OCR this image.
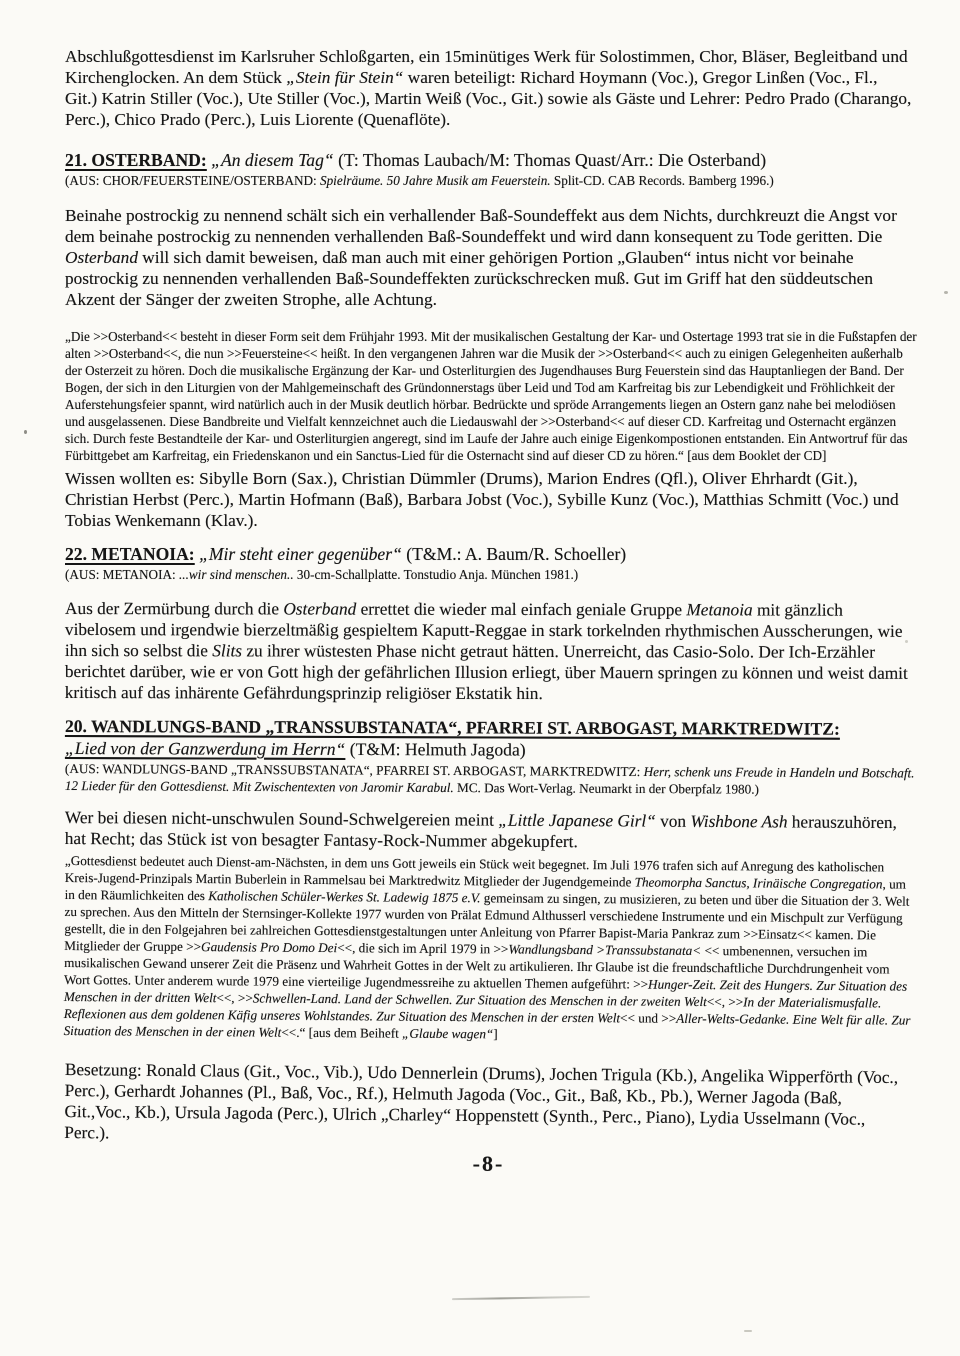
Abschlußgottesdienst im Karlsruher Schloßgarten, ein 15minütiges Werk für Solostimmen, Chor, Bläser, Begleitband und Kirchenglocken. An dem Stück „Stein für Stein“ waren beteiligt: Richard Hoymann (Voc.), Gregor Linßen (Voc., Fl., Git.) Katrin Stiller (Voc.), Ute Stiller (Voc.), Martin Weiß (Voc., Git.) sowie als Gäste und Lehrer: Pedro Prado (Charango, Perc.), Chico Prado (Perc.), Luis Liorente (Quenaflöte).
21. OSTERBAND: „An diesem Tag“ (T: Thomas Laubach/M: Thomas Quast/Arr.: Die Osterband)
(AUS: CHOR/FEUERSTEINE/OSTERBAND: Spielräume. 50 Jahre Musik am Feuerstein. Split-CD. CAB Records. Bamberg 1996.)
Beinahe postrockig zu nennend schält sich ein verhallender Baß-Soundeffekt aus dem Nichts, durchkreuzt die Angst vor dem beinahe postrockig zu nennenden verhallenden Baß-Soundeffekt und wird dann konsequent zu Tode geritten. Die Osterband will sich damit beweisen, daß man auch mit einer gehörigen Portion „Glauben“ intus nicht vor beinahe postrockig zu nennenden verhallenden Baß-Soundeffekten zurückschrecken muß. Gut im Griff hat den süddeutschen Akzent der Sänger der zweiten Strophe, alle Achtung.
„Die >>Osterband<< besteht in dieser Form seit dem Frühjahr 1993. Mit der musikalischen Gestaltung der Kar- und Ostertage 1993 trat sie in die Fußstapfen der alten >>Osterband<<, die nun >>Feuersteine<< heißt. In den vergangenen Jahren war die Musik der >>Osterband<< auch zu einigen Gelegenheiten außerhalb der Osterzeit zu hören. Doch die musikalische Ergänzung der Kar- und Osterliturgien des Jugendhauses Burg Feuerstein sind das Hauptanliegen der Band. Der Bogen, der sich in den Liturgien von der Mahlgemeinschaft des Gründonnerstags über Leid und Tod am Karfreitag bis zur Lebendigkeit und Fröhlichkeit der Auferstehungsfeier spannt, wird natürlich auch in der Musik deutlich hörbar. Bedrückte und spröde Arrangements liegen an Ostern ganz nahe bei melodiösen und ausgelassenen. Diese Bandbreite und Vielfalt kennzeichnet auch die Liedauswahl der >>Osterband<< auf dieser CD. Karfreitag und Osternacht ergänzen sich. Durch feste Bestandteile der Kar- und Osterliturgien angeregt, sind im Laufe der Jahre auch einige Eigenkompostionen entstanden. Ein Antwortruf für das Fürbittgebet am Karfreitag, ein Friedenskanon und ein Sanctus-Lied für die Osternacht sind auf dieser CD zu hören.“ [aus dem Booklet der CD]
Wissen wollten es: Sibylle Born (Sax.), Christian Dümmler (Drums), Marion Endres (Qfl.), Oliver Ehrhardt (Git.), Christian Herbst (Perc.), Martin Hofmann (Baß), Barbara Jobst (Voc.), Sybille Kunz (Voc.), Matthias Schmitt (Voc.) und Tobias Wenkemann (Klav.).
22. METANOIA: „Mir steht einer gegenüber“ (T&M.: A. Baum/R. Schoeller)
(AUS: METANOIA: ...wir sind menschen.. 30-cm-Schallplatte. Tonstudio Anja. München 1981.)
Aus der Zermürbung durch die Osterband errettet die wieder mal einfach geniale Gruppe Metanoia mit gänzlich vibelosem und irgendwie bierzeltmäßig gespieltem Kaputt-Reggae in stark torkelnden rhythmischen Ausscherungen, wie ihn sich so selbst die Slits zu ihrer wüstesten Phase nicht getraut hätten. Unerreicht, das Casio-Solo. Der Ich-Erzähler berichtet darüber, wie er von Gott high der gefährlichen Illusion erliegt, über Mauern springen zu können und weist damit kritisch auf das inhärente Gefährdungsprinzip religiöser Ekstatik hin.
20. WANDLUNGS-BAND „TRANSSUBSTANATA“, PFARREI ST. ARBOGAST, MARKTREDWITZ:
„Lied von der Ganzwerdung im Herrn“ (T&M: Helmuth Jagoda)
(AUS: WANDLUNGS-BAND „TRANSSUBSTANATA“, PFARREI ST. ARBOGAST, MARKTREDWITZ: Herr, schenk uns Freude in Handeln und Botschaft. 12 Lieder für den Gottesdienst. Mit Zwischentexten von Jaromir Karabul. MC. Das Wort-Verlag. Neumarkt in der Oberpfalz 1980.)
Wer bei diesen nicht-unschwulen Sound-Schwelgereien meint „Little Japanese Girl“ von Wishbone Ash herauszuhören, hat Recht; das Stück ist von besagter Fantasy-Rock-Nummer abgekupfert.
„Gottesdienst bedeutet auch Dienst-am-Nächsten, in dem uns Gott jeweils ein Stück weit begegnet. Im Juli 1976 trafen sich auf Anregung des katholischen Kreis-Jugend-Prinzipals Martin Buberlein in Rammelsau bei Marktredwitz Mitglieder der Jugendgemeinde Theomorpha Sanctus, Irinäische Congregation, um in den Räumlichkeiten des Katholischen Schüler-Werkes St. Ladewig 1875 e.V. gemeinsam zu singen, zu musizieren, zu beten und über die Situation der 3. Welt zu sprechen. Aus den Mitteln der Sternsinger-Kollekte 1977 wurden von Prälat Edmund Althusserl verschiedene Instrumente und ein Mischpult zur Verfügung gestellt, die in den Folgejahren bei zahlreichen Gottesdienstgestaltungen unter Anleitung von Pfarrer Bapist-Maria Pankraz zum >>Einsatz<< kamen. Die Mitglieder der Gruppe >>Gaudensis Pro Domo Dei<<, die sich im April 1979 in >>Wandlungsband >Transsubstanata< << umbenennen, versuchen im musikalischen Gewand unserer Zeit die Präsenz und Wahrheit Gottes in der Welt zu artikulieren. Ihr Glaube ist die freundschaftliche Durchdrungenheit vom Wort Gottes. Unter anderem wurde 1979 eine vierteilige Jugendmessreihe zu aktuellen Themen aufgeführt: >>Hunger-Zeit. Zeit des Hungers. Zur Situation des Menschen in der dritten Welt<<, >>Schwellen-Land. Land der Schwellen. Zur Situation des Menschen in der zweiten Welt<<, >>In der Materialismusfalle. Reflexionen aus dem goldenen Käfig unseres Wohlstandes. Zur Situation des Menschen in der ersten Welt<< und >>Aller-Welts-Gedanke. Eine Welt für alle. Zur Situation des Menschen in der einen Welt<<.“ [aus dem Beiheft „Glaube wagen“]
Besetzung: Ronald Claus (Git., Voc., Vib.), Udo Dennerlein (Drums), Jochen Trigula (Kb.), Angelika Wipperförth (Voc., Perc.), Gerhardt Johannes (Pl., Baß, Voc., Rf.), Helmuth Jagoda (Voc., Git., Baß, Kb., Pb.), Werner Jagoda (Baß, Git.,Voc., Kb.), Ursula Jagoda (Perc.), Ulrich „Charley“ Hoppenstett (Synth., Perc., Piano), Lydia Usselmann (Voc., Perc.).
-8-
